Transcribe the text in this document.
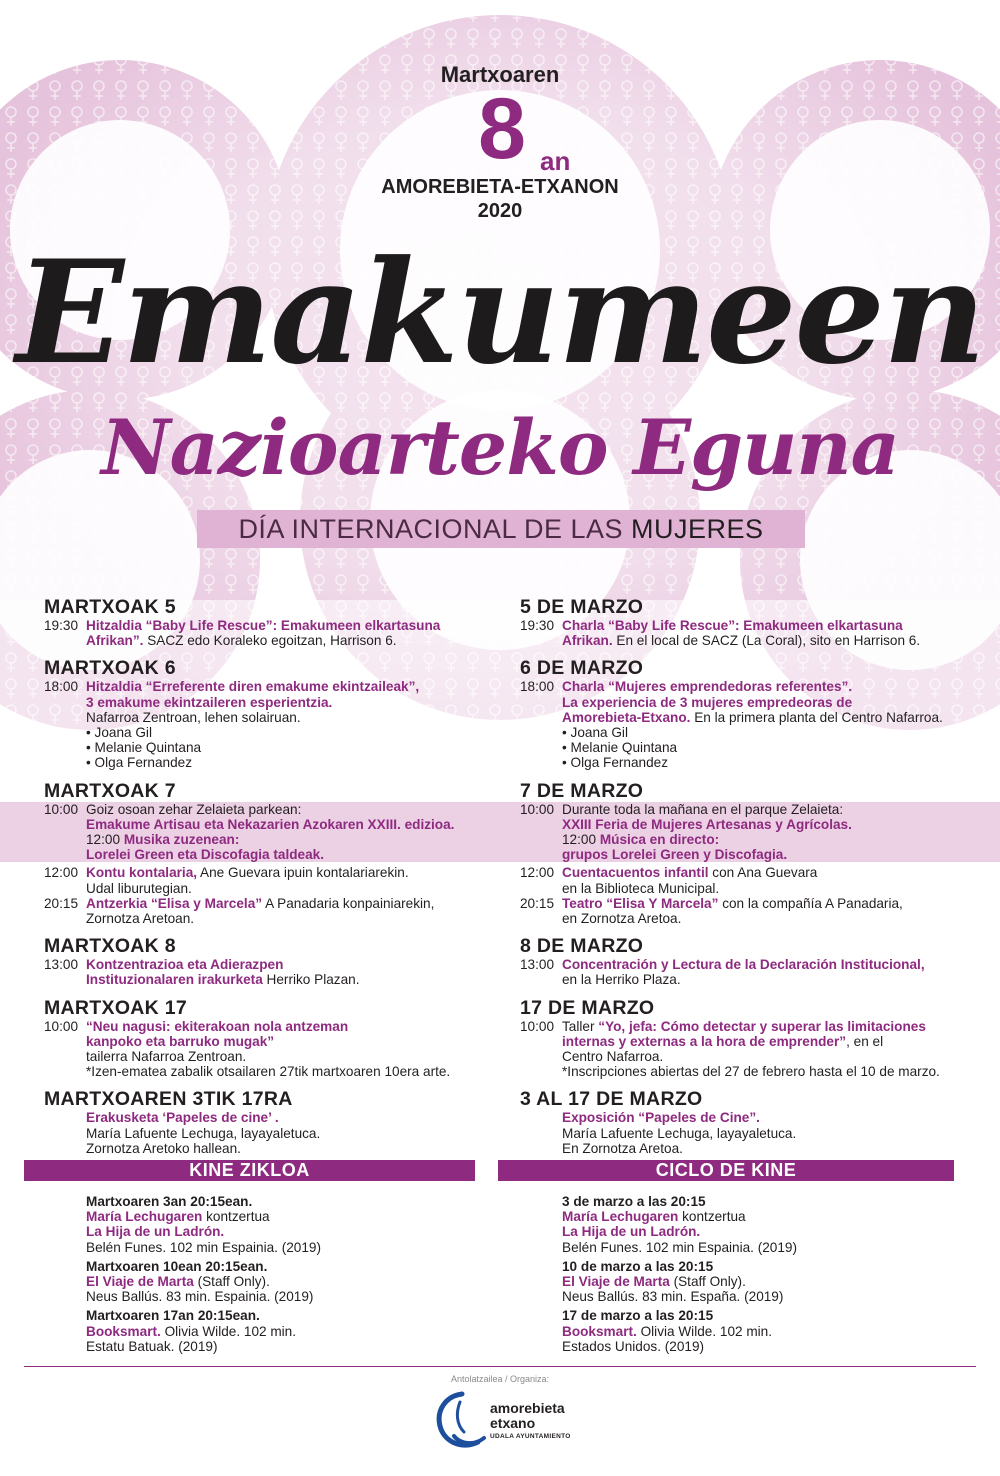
Martxoaren
8 an
AMOREBIETA-ETXANON
2020
Emakumeen
Nazioarteko Eguna
DÍA INTERNACIONAL DE LAS MUJERES
MARTXOAK 5
19:30 Hitzaldia “Baby Life Rescue”: Emakumeen elkartasuna
Afrikan”. SACZ edo Koraleko egoitzan, Harrison 6.
MARTXOAK 6
18:00 Hitzaldia “Erreferente diren emakume ekintzaileak”,
3 emakume ekintzaileren esperientzia.
Nafarroa Zentroan, lehen solairuan.
• Joana Gil
• Melanie Quintana
• Olga Fernandez
MARTXOAK 7
10:00 Goiz osoan zehar Zelaieta parkean:
Emakume Artisau eta Nekazarien Azokaren XXIII. edizioa.
12:00 Musika zuzenean:
Lorelei Green eta Discofagia taldeak.
12:00 Kontu kontalaria, Ane Guevara ipuin kontalariarekin.
Udal liburutegian.
20:15 Antzerkia “Elisa y Marcela” A Panadaria konpainiarekin,
Zornotza Aretoan.
MARTXOAK 8
13:00 Kontzentrazioa eta Adierazpen
Instituzionalaren irakurketa Herriko Plazan.
MARTXOAK 17
10:00 “Neu nagusi: ekiterakoan nola antzeman
kanpoko eta barruko mugak”
tailerra Nafarroa Zentroan.
*Izen-ematea zabalik otsailaren 27tik martxoaren 10era arte.
MARTXOAREN 3TIK 17RA
Erakusketa ‘Papeles de cine’ .
María Lafuente Lechuga, layayaletuca.
Zornotza Aretoko hallean.
5 DE MARZO
19:30 Charla “Baby Life Rescue”: Emakumeen elkartasuna
Afrikan. En el local de SACZ (La Coral), sito en Harrison 6.
6 DE MARZO
18:00 Charla “Mujeres emprendedoras referentes”.
La experiencia de 3 mujeres empredeoras de
Amorebieta-Etxano. En la primera planta del Centro Nafarroa.
• Joana Gil
• Melanie Quintana
• Olga Fernandez
7 DE MARZO
10:00 Durante toda la mañana en el parque Zelaieta:
XXIII Feria de Mujeres Artesanas y Agrícolas.
12:00 Música en directo:
grupos Lorelei Green y Discofagia.
12:00 Cuentacuentos infantil con Ana Guevara
en la Biblioteca Municipal.
20:15 Teatro “Elisa Y Marcela” con la compañía A Panadaria,
en Zornotza Aretoa.
8 DE MARZO
13:00 Concentración y Lectura de la Declaración Institucional,
en la Herriko Plaza.
17 DE MARZO
10:00 Taller “Yo, jefa: Cómo detectar y superar las limitaciones
internas y externas a la hora de emprender”, en el
Centro Nafarroa.
*Inscripciones abiertas del 27 de febrero hasta el 10 de marzo.
3 AL 17 DE MARZO
Exposición “Papeles de Cine”.
María Lafuente Lechuga, layayaletuca.
En Zornotza Aretoa.
KINE ZIKLOA	CICLO DE KINE
Martxoaren 3an 20:15ean.
María Lechugaren kontzertua
La Hija de un Ladrón.
Belén Funes. 102 min Espainia. (2019)
Martxoaren 10ean 20:15ean.
El Viaje de Marta (Staff Only).
Neus Ballús. 83 min. Espainia. (2019)
Martxoaren 17an 20:15ean.
Booksmart. Olivia Wilde. 102 min.
Estatu Batuak. (2019)
3 de marzo a las 20:15
María Lechugaren kontzertua
La Hija de un Ladrón.
Belén Funes. 102 min Espainia. (2019)
10 de marzo a las 20:15
El Viaje de Marta (Staff Only).
Neus Ballús. 83 min. España. (2019)
17 de marzo a las 20:15
Booksmart. Olivia Wilde. 102 min.
Estados Unidos. (2019)
Antolatzailea / Organiza:
amorebieta
etxano
UDALA AYUNTAMIENTO
